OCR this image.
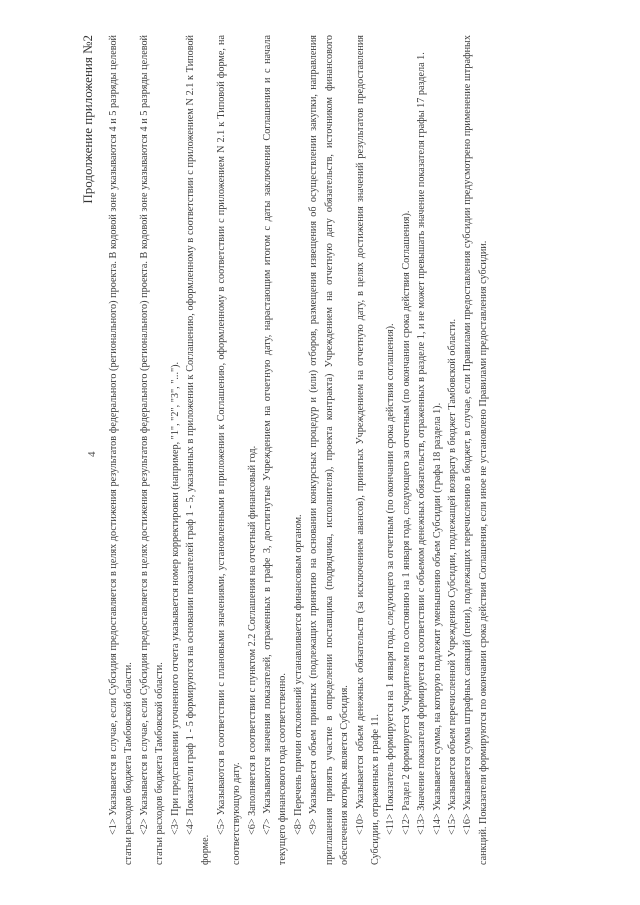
Продолжение приложения №2
4 <1> Указывается в случае, если Субсидия предоставляется в целях достижения результатов федерального (регионального) проекта. В кодовой зоне указываются 4 и 5 разряды целевой статьи расходов бюджета Тамбовской области. <2> Указывается в случае, если Субсидия предоставляется в целях достижения результатов федерального (регионального) проекта. В кодовой зоне указываются 4 и 5 разряды целевой статьи расходов бюджета Тамбовской области. <3> При представлении уточненного отчета указывается номер корректировки (например, "1", "2", "3", "..."). <4> Показатели граф 1 - 5 формируются на основании показателей граф 1 - 5, указанных в приложении к Соглашению, оформленному в соответствии с приложением N 2.1 к Типовой форме.

<5> Указываются в соответствии с плановыми значениями, установленными в приложении к Соглашению, оформленному в соответствии с приложением N 2.1 к Типовой форме, на соответствующую дату. <6> Заполняется в соответствии с пунктом 2.2 Соглашения на отчетный финансовый год. <7> Указываются значения показателей, отраженных в графе 3, достигнутые Учреждением на отчетную дату, нарастающим итогом с даты заключения Соглашения и с начала текущего финансового года соответственно. <8> Перечень причин отклонений устанавливается финансовым органом. <9> Указывается объем принятых (подлежащих принятию на основании конкурсных процедур и (или) отборов, размещения извещения об осуществлении закупки, направления приглашения принять участие в определении поставщика (подрядчика, исполнителя), проекта контракта) Учреждением на отчетную дату обязательств, источником финансового обеспечения которых является Субсидия. <10> Указывается объем денежных обязательств (за исключением авансов), принятых Учреждением на отчетную дату, в целях достижения значений результатов предоставления Субсидии, отраженных в графе 11. <11> Показатель формируется на 1 января года, следующего за отчетным (по окончании срока действия соглашения). <12> Раздел 2 формируется Учредителем по состоянию на 1 января года, следующего за отчетным (по окончании срока действия Соглашения). <13> Значение показателя формируется в соответствии с объемом денежных обязательств, отраженных в разделе 1, и не может превышать значение показателя графы 17 раздела 1. <14> Указывается сумма, на которую подлежит уменьшению объем Субсидии (графа 18 раздела 1). <15> Указывается объем перечисленной Учреждению Субсидии, подлежащей возврату в бюджет Тамбовской области. <16> Указывается сумма штрафных санкций (пени), подлежащих перечислению в бюджет, в случае, если Правилами предоставления субсидии предусмотрено применение штрафных санкций. Показатели формируются по окончании срока действия Соглашения, если иное не установлено Правилами предоставления субсидии.
